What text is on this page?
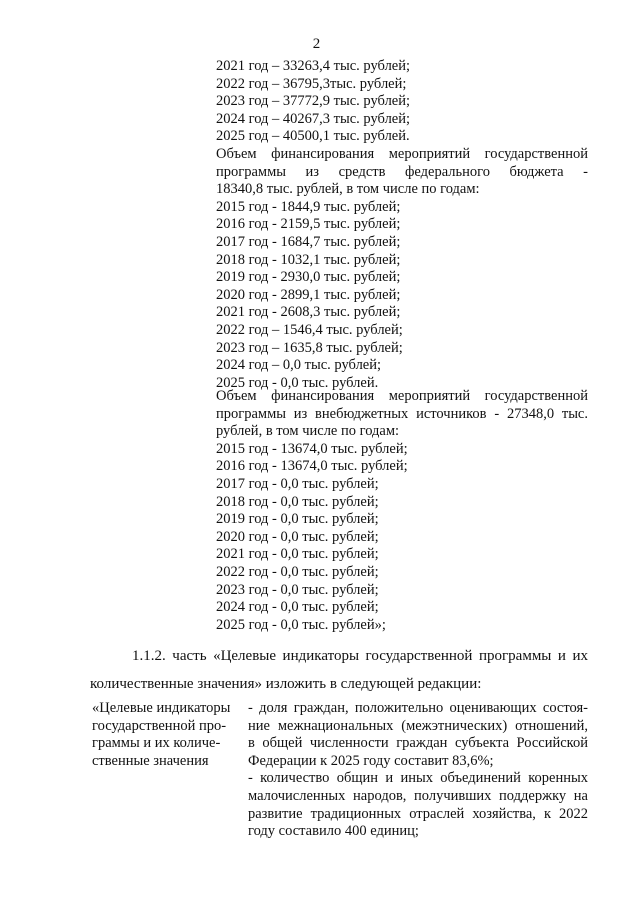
2
2021 год – 33263,4 тыс. рублей;
2022 год – 36795,3тыс. рублей;
2023 год – 37772,9 тыс. рублей;
2024 год – 40267,3 тыс. рублей;
2025 год – 40500,1 тыс. рублей.
Объем финансирования мероприятий государственной
программы из средств федерального бюджета -
18340,8 тыс. рублей, в том числе по годам:
2015 год - 1844,9 тыс. рублей;
2016 год - 2159,5 тыс. рублей;
2017 год - 1684,7 тыс. рублей;
2018 год - 1032,1 тыс. рублей;
2019 год - 2930,0 тыс. рублей;
2020 год - 2899,1 тыс. рублей;
2021 год - 2608,3 тыс. рублей;
2022 год – 1546,4 тыс. рублей;
2023 год – 1635,8 тыс. рублей;
2024 год – 0,0 тыс. рублей;
2025 год - 0,0 тыс. рублей.
Объем финансирования мероприятий государственной
программы из внебюджетных источников - 27348,0 тыс.
рублей, в том числе по годам:
2015 год - 13674,0 тыс. рублей;
2016 год - 13674,0 тыс. рублей;
2017 год - 0,0 тыс. рублей;
2018 год - 0,0 тыс. рублей;
2019 год - 0,0 тыс. рублей;
2020 год - 0,0 тыс. рублей;
2021 год - 0,0 тыс. рублей;
2022 год - 0,0 тыс. рублей;
2023 год - 0,0 тыс. рублей;
2024 год - 0,0 тыс. рублей;
2025 год - 0,0 тыс. рублей»;
1.1.2. часть «Целевые индикаторы государственной программы и их
количественные значения» изложить в следующей редакции:
«Целевые индикаторы
государственной про-
граммы и их количе-
ственные значения
- доля граждан, положительно оценивающих состоя-
ние межнациональных (межэтнических) отношений,
в общей численности граждан субъекта Российской
Федерации к 2025 году составит 83,6%;
- количество общин и иных объединений коренных
малочисленных народов, получивших поддержку на
развитие традиционных отраслей хозяйства, к 2022
году составило 400 единиц;
